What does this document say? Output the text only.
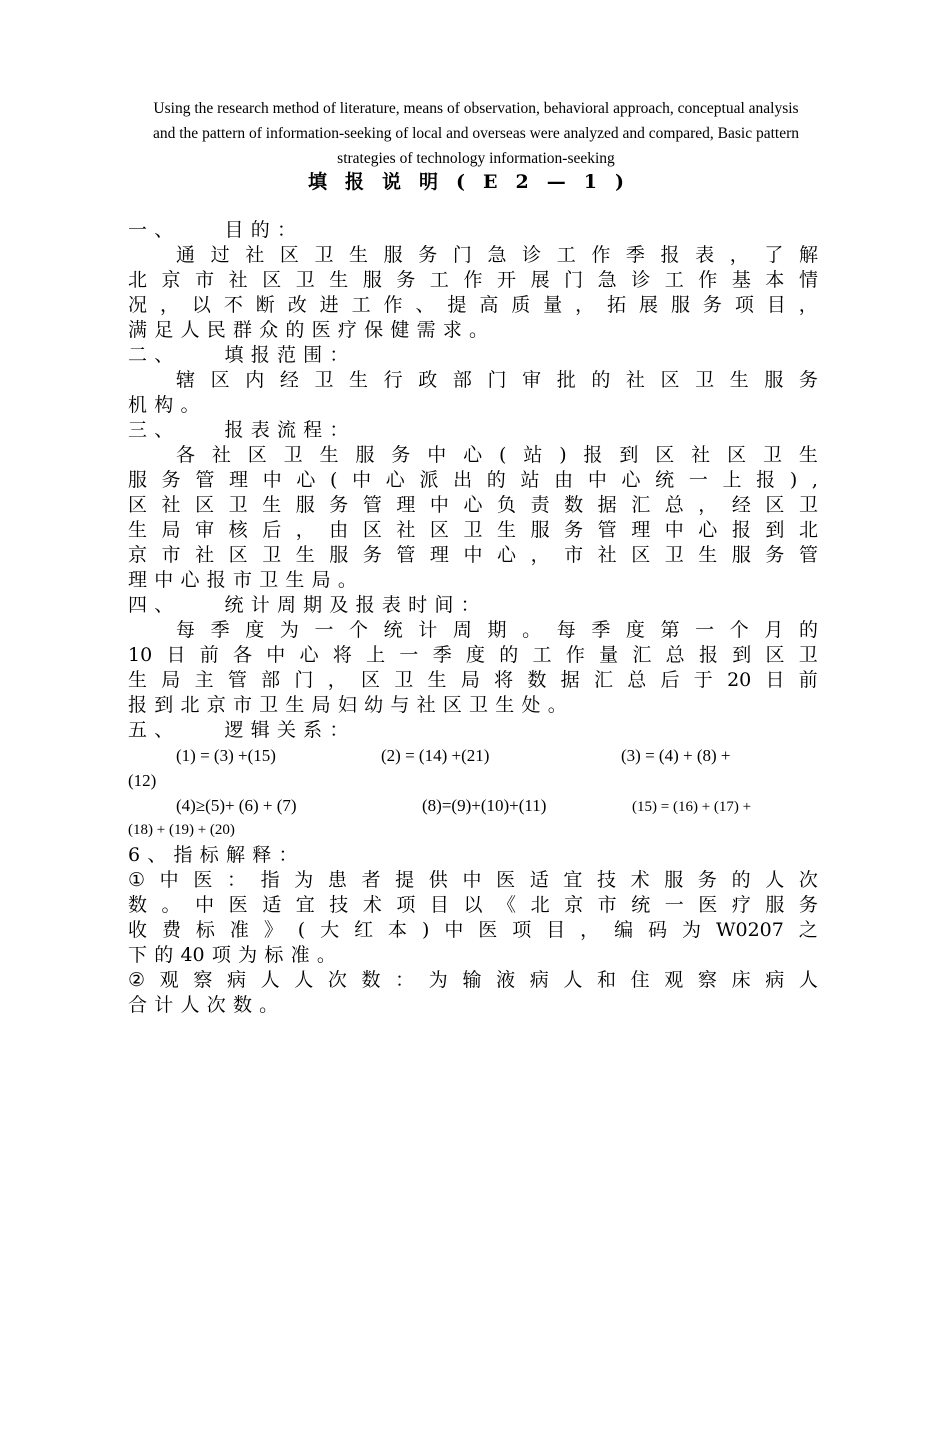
Using the research method of literature, means of observation, behavioral approach, conceptual analysis
and the pattern of information-seeking of local and overseas were analyzed and compared, Basic pattern
strategies of technology information-seeking
填报说明(E2—1)
一 、	目 的 ：
通 过 社 区 卫 生 服 务 门 急 诊 工 作 季 报 表 ， 了 解
北 京 市 社 区 卫 生 服 务 工 作 开 展 门 急 诊 工 作 基 本 情
况 ， 以 不 断 改 进 工 作 、 提 高 质 量 ， 拓 展 服 务 项 目 ，
满 足 人 民 群 众 的 医 疗 保 健 需 求 。
二 、	填 报 范 围 ：
辖 区 内 经 卫 生 行 政 部 门 审 批 的 社 区 卫 生 服 务
机 构 。
三 、	报 表 流 程 ：
各 社 区 卫 生 服 务 中 心 ( 站 ) 报 到 区 社 区 卫 生
服 务 管 理 中 心 ( 中 心 派 出 的 站 由 中 心 统 一 上 报 ) ,
区 社 区 卫 生 服 务 管 理 中 心 负 责 数 据 汇 总 ， 经 区 卫
生 局 审 核 后 ， 由 区 社 区 卫 生 服 务 管 理 中 心 报 到 北
京 市 社 区 卫 生 服 务 管 理 中 心 ， 市 社 区 卫 生 服 务 管
理 中 心 报 市 卫 生 局 。
四 、	统 计 周 期 及 报 表 时 间 ：
每 季 度 为 一 个 统 计 周 期 。 每 季 度 第 一 个 月 的
10 日 前 各 中 心 将 上 一 季 度 的 工 作 量 汇 总 报 到 区 卫
生 局 主 管 部 门 ， 区 卫 生 局 将 数 据 汇 总 后 于 20 日 前
报 到 北 京 市 卫 生 局 妇 幼 与 社 区 卫 生 处 。
五 、	逻 辑 关 系 ：
(1) = (3) +(15)	(2) = (14) +(21)	(3) = (4) + (8) +
(12)
(4)≥(5)+ (6) + (7)	(8)=(9)+(10)+(11)	(15) = (16) + (17) +
(18) + (19) + (20)
6 、 指 标 解 释 ：
① 中 医 ： 指 为 患 者 提 供 中 医 适 宜 技 术 服 务 的 人 次
数 。 中 医 适 宜 技 术 项 目 以 《 北 京 市 统 一 医 疗 服 务
收 费 标 准 》 ( 大 红 本 ) 中 医 项 目 ， 编 码 为 W0207 之
下 的 40 项 为 标 准 。
② 观 察 病 人 人 次 数 ： 为 输 液 病 人 和 住 观 察 床 病 人
合 计 人 次 数 。
